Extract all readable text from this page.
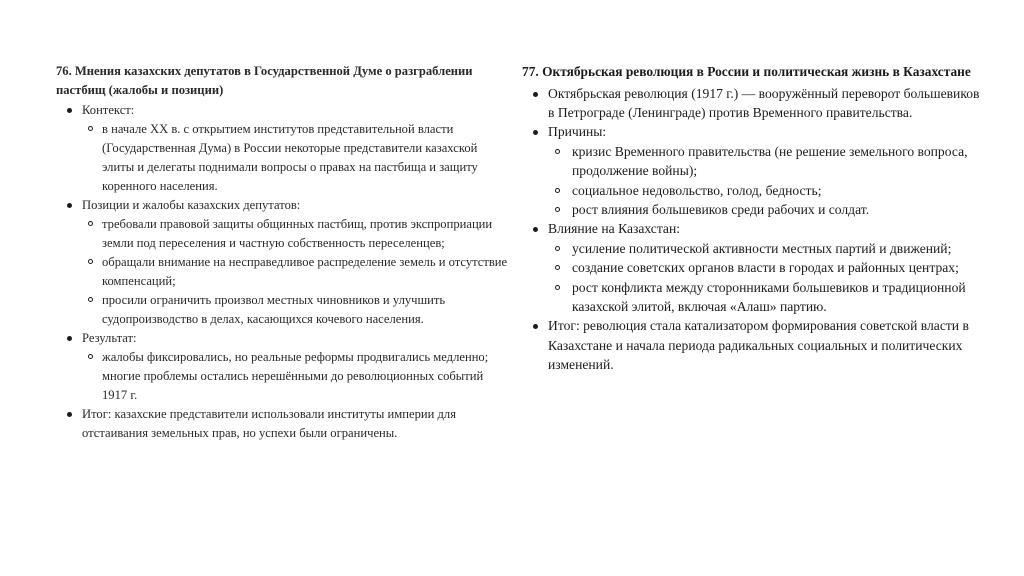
76. Мнения казахских депутатов в Государственной Думе о разграблении пастбищ (жалобы и позиции)
Контекст:
в начале XX в. с открытием институтов представительной власти (Государственная Дума) в России некоторые представители казахской элиты и делегаты поднимали вопросы о правах на пастбища и защиту коренного населения.
Позиции и жалобы казахских депутатов:
требовали правовой защиты общинных пастбищ, против экспроприации земли под переселения и частную собственность переселенцев;
обращали внимание на несправедливое распределение земель и отсутствие компенсаций;
просили ограничить произвол местных чиновников и улучшить судопроизводство в делах, касающихся кочевого населения.
Результат:
жалобы фиксировались, но реальные реформы продвигались медленно; многие проблемы остались нерешёнными до революционных событий 1917 г.
Итог: казахские представители использовали институты империи для отстаивания земельных прав, но успехи были ограничены.
77. Октябрьская революция в России и политическая жизнь в Казахстане
Октябрьская революция (1917 г.) — вооружённый переворот большевиков в Петрограде (Ленинграде) против Временного правительства.
Причины:
кризис Временного правительства (не решение земельного вопроса, продолжение войны);
социальное недовольство, голод, бедность;
рост влияния большевиков среди рабочих и солдат.
Влияние на Казахстан:
усиление политической активности местных партий и движений;
создание советских органов власти в городах и районных центрах;
рост конфликта между сторонниками большевиков и традиционной казахской элитой, включая «Алаш» партию.
Итог: революция стала катализатором формирования советской власти в Казахстане и начала периода радикальных социальных и политических изменений.
